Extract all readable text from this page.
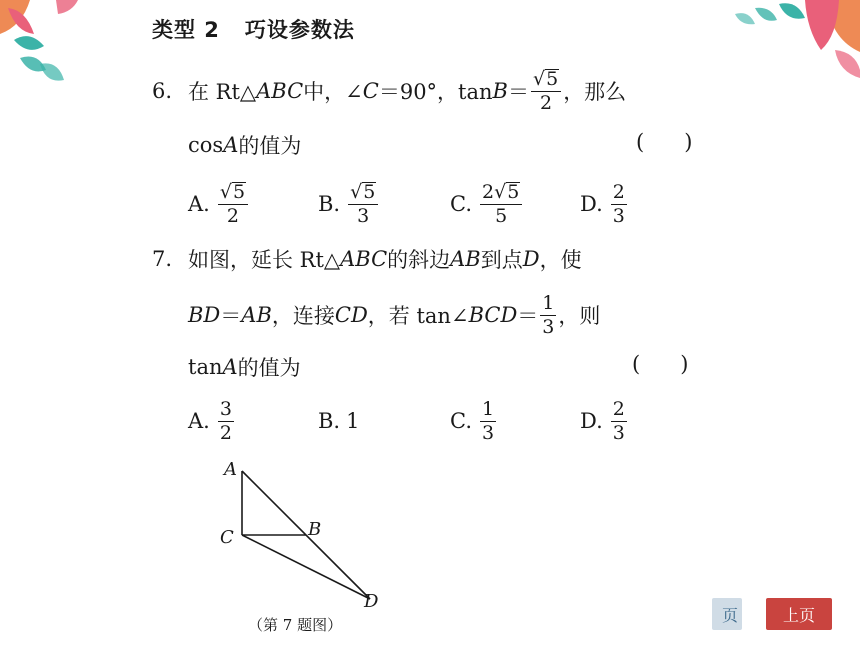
类型 2   巧设参数法
6. 在 Rt△ ABC 中，∠ C ＝90°，$\tan B = \frac{√ 5}{2}$ ，那么
cos A 的值为	(      )
A. $\frac{√ 5}{2}$	B. $\frac{√ 5}{3}$	C. $\frac{2 √ 5}{5}$	D. $\frac{2}{3}$
7. 如图，延长 Rt△ ABC 的斜边 AB 到点 D ，使
BD ＝ AB ，连接 CD ，若 tan∠ BCD ＝ $\frac{1}{3}$ ，则
tan A 的值为	(      )
A. $\frac{3}{2}$	B. 1	C. $\frac{1}{3}$	D. $\frac{2}{3}$
A
C	B
D
（第 7 题图）
页	上页
